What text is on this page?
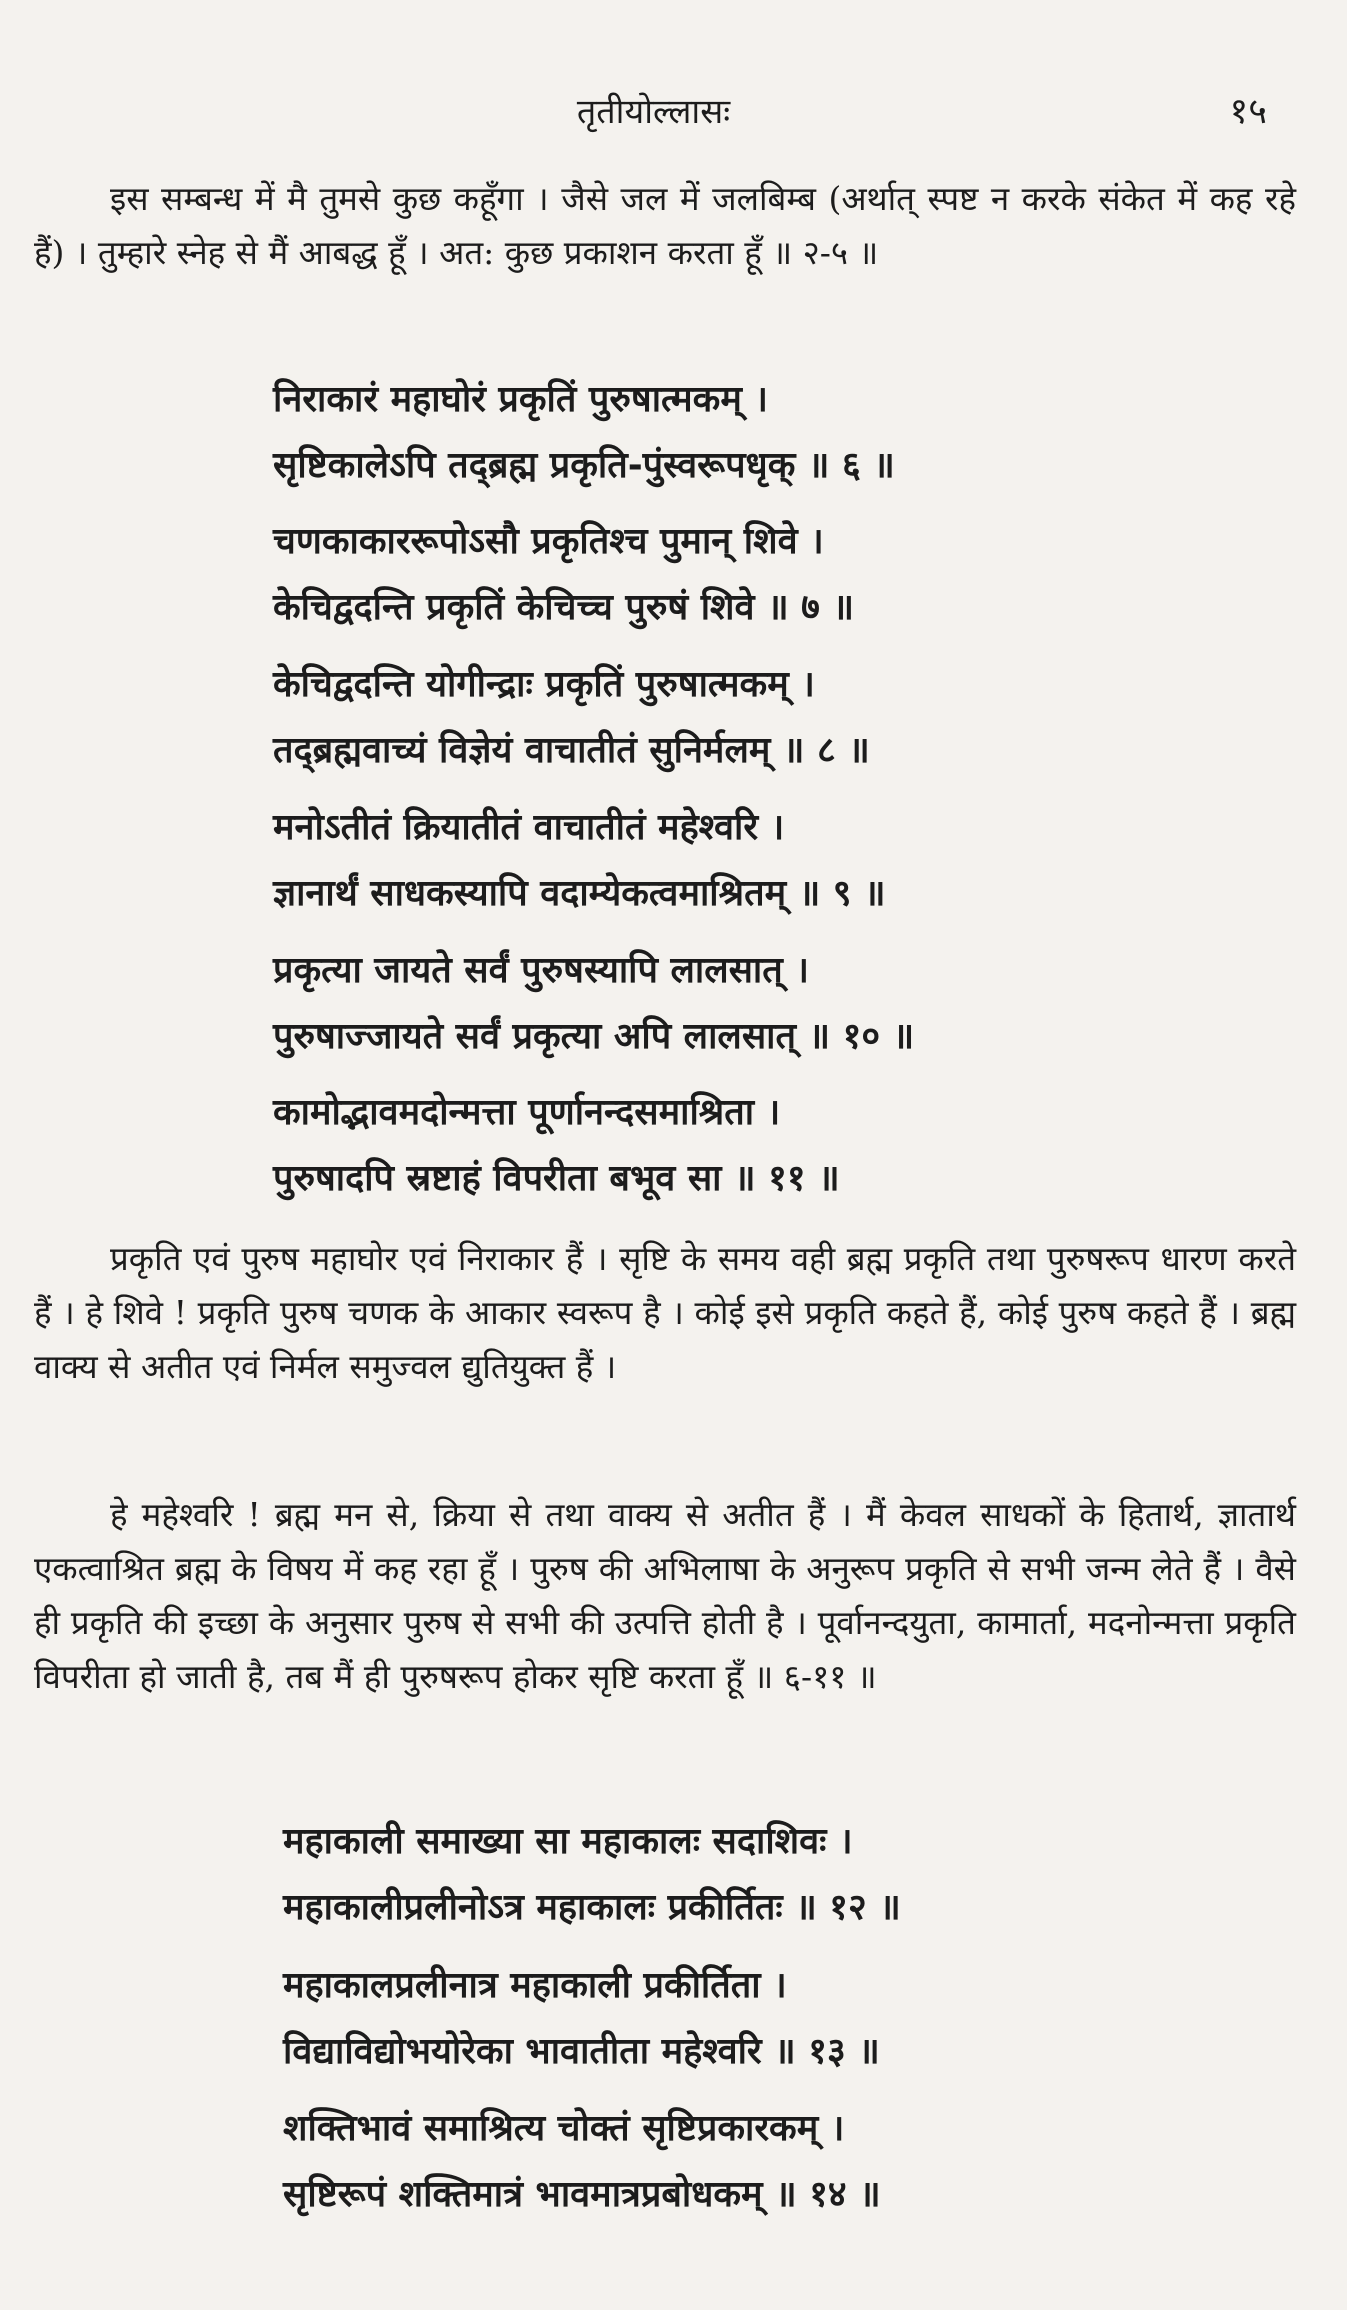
तृतीयोल्लासः	१५

इस सम्बन्ध में मै तुमसे कुछ कहूँगा । जैसे जल में जलबिम्ब (अर्थात् स्पष्ट न करके संकेत में कह रहे हैं) । तुम्हारे स्नेह से मैं आबद्ध हूँ । अत: कुछ प्रकाशन करता हूँ ॥ २-५ ॥

निराकारं महाघोरं प्रकृतिं पुरुषात्मकम् ।
सृष्टिकालेऽपि तद्ब्रह्म प्रकृति-पुंस्वरूपधृक् ॥ ६ ॥
चणकाकाररूपोऽसौ प्रकृतिश्च पुमान् शिवे ।
केचिद्वदन्ति प्रकृतिं केचिच्च पुरुषं शिवे ॥ ७ ॥
केचिद्वदन्ति योगीन्द्राः प्रकृतिं पुरुषात्मकम् ।
तद्ब्रह्मवाच्यं विज्ञेयं वाचातीतं सुनिर्मलम् ॥ ८ ॥
मनोऽतीतं क्रियातीतं वाचातीतं महेश्वरि ।
ज्ञानार्थं साधकस्यापि वदाम्येकत्वमाश्रितम् ॥ ९ ॥
प्रकृत्या जायते सर्वं पुरुषस्यापि लालसात् ।
पुरुषाज्जायते सर्वं प्रकृत्या अपि लालसात् ॥ १० ॥
कामोद्भावमदोन्मत्ता पूर्णानन्दसमाश्रिता ।
पुरुषादपि स्रष्टाहं विपरीता बभूव सा ॥ ११ ॥

प्रकृति एवं पुरुष महाघोर एवं निराकार हैं । सृष्टि के समय वही ब्रह्म प्रकृति तथा पुरुषरूप धारण करते हैं । हे शिवे ! प्रकृति पुरुष चणक के आकार स्वरूप है । कोई इसे प्रकृति कहते हैं, कोई पुरुष कहते हैं । ब्रह्म वाक्य से अतीत एवं निर्मल समुज्वल द्युतियुक्त हैं ।

हे महेश्वरि ! ब्रह्म मन से, क्रिया से तथा वाक्य से अतीत हैं । मैं केवल साधकों के हितार्थ, ज्ञातार्थ एकत्वाश्रित ब्रह्म के विषय में कह रहा हूँ । पुरुष की अभिलाषा के अनुरूप प्रकृति से सभी जन्म लेते हैं । वैसे ही प्रकृति की इच्छा के अनुसार पुरुष से सभी की उत्पत्ति होती है । पूर्वानन्दयुता, कामार्ता, मदनोन्मत्ता प्रकृति विपरीता हो जाती है, तब मैं ही पुरुषरूप होकर सृष्टि करता हूँ ॥ ६-११ ॥

महाकाली समाख्या सा महाकालः सदाशिवः ।
महाकालीप्रलीनोऽत्र महाकालः प्रकीर्तितः ॥ १२ ॥
महाकालप्रलीनात्र महाकाली प्रकीर्तिता ।
विद्याविद्योभयोरेका भावातीता महेश्वरि ॥ १३ ॥
शक्तिभावं समाश्रित्य चोक्तं सृष्टिप्रकारकम् ।
सृष्टिरूपं शक्तिमात्रं भावमात्रप्रबोधकम् ॥ १४ ॥
